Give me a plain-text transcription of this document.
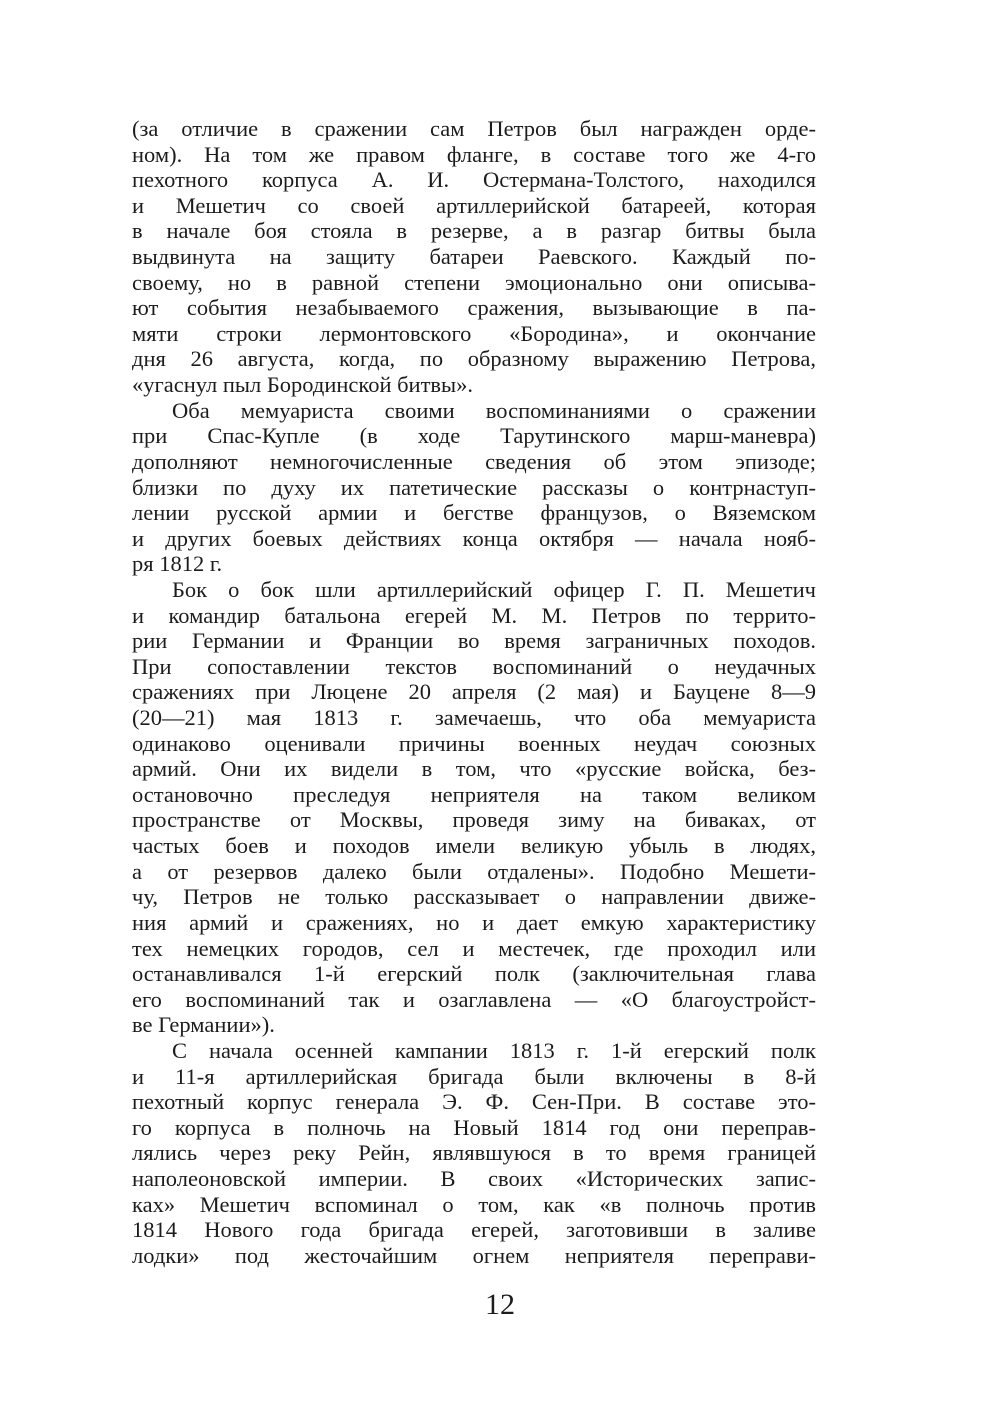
(за отличие в сражении сам Петров был награжден орде-
ном). На том же правом фланге, в составе того же 4-го
пехотного корпуса А. И. Остермана-Толстого, находился
и Мешетич со своей артиллерийской батареей, которая
в начале боя стояла в резерве, а в разгар битвы была
выдвинута на защиту батареи Раевского. Каждый по-
своему, но в равной степени эмоционально они описыва-
ют события незабываемого сражения, вызывающие в па-
мяти строки лермонтовского «Бородина», и окончание
дня 26 августа, когда, по образному выражению Петрова,
«угаснул пыл Бородинской битвы».
Оба мемуариста своими воспоминаниями о сражении
при Спас-Купле (в ходе Тарутинского марш-маневра)
дополняют немногочисленные сведения об этом эпизоде;
близки по духу их патетические рассказы о контрнаступ-
лении русской армии и бегстве французов, о Вяземском
и других боевых действиях конца октября — начала нояб-
ря 1812 г.
Бок о бок шли артиллерийский офицер Г. П. Мешетич
и командир батальона егерей М. М. Петров по террито-
рии Германии и Франции во время заграничных походов.
При сопоставлении текстов воспоминаний о неудачных
сражениях при Люцене 20 апреля (2 мая) и Бауцене 8—9
(20—21) мая 1813 г. замечаешь, что оба мемуариста
одинаково оценивали причины военных неудач союзных
армий. Они их видели в том, что «русские войска, без-
остановочно преследуя неприятеля на таком великом
пространстве от Москвы, проведя зиму на биваках, от
частых боев и походов имели великую убыль в людях,
а от резервов далеко были отдалены». Подобно Мешети-
чу, Петров не только рассказывает о направлении движе-
ния армий и сражениях, но и дает емкую характеристику
тех немецких городов, сел и местечек, где проходил или
останавливался 1-й егерский полк (заключительная глава
его воспоминаний так и озаглавлена — «О благоустройст-
ве Германии»).
С начала осенней кампании 1813 г. 1-й егерский полк
и 11-я артиллерийская бригада были включены в 8-й
пехотный корпус генерала Э. Ф. Сен-При. В составе это-
го корпуса в полночь на Новый 1814 год они переправ-
лялись через реку Рейн, являвшуюся в то время границей
наполеоновской империи. В своих «Исторических запис-
ках» Мешетич вспоминал о том, как «в полночь против
1814 Нового года бригада егерей, заготовивши в заливе
лодки» под жесточайшим огнем неприятеля переправи-
12
